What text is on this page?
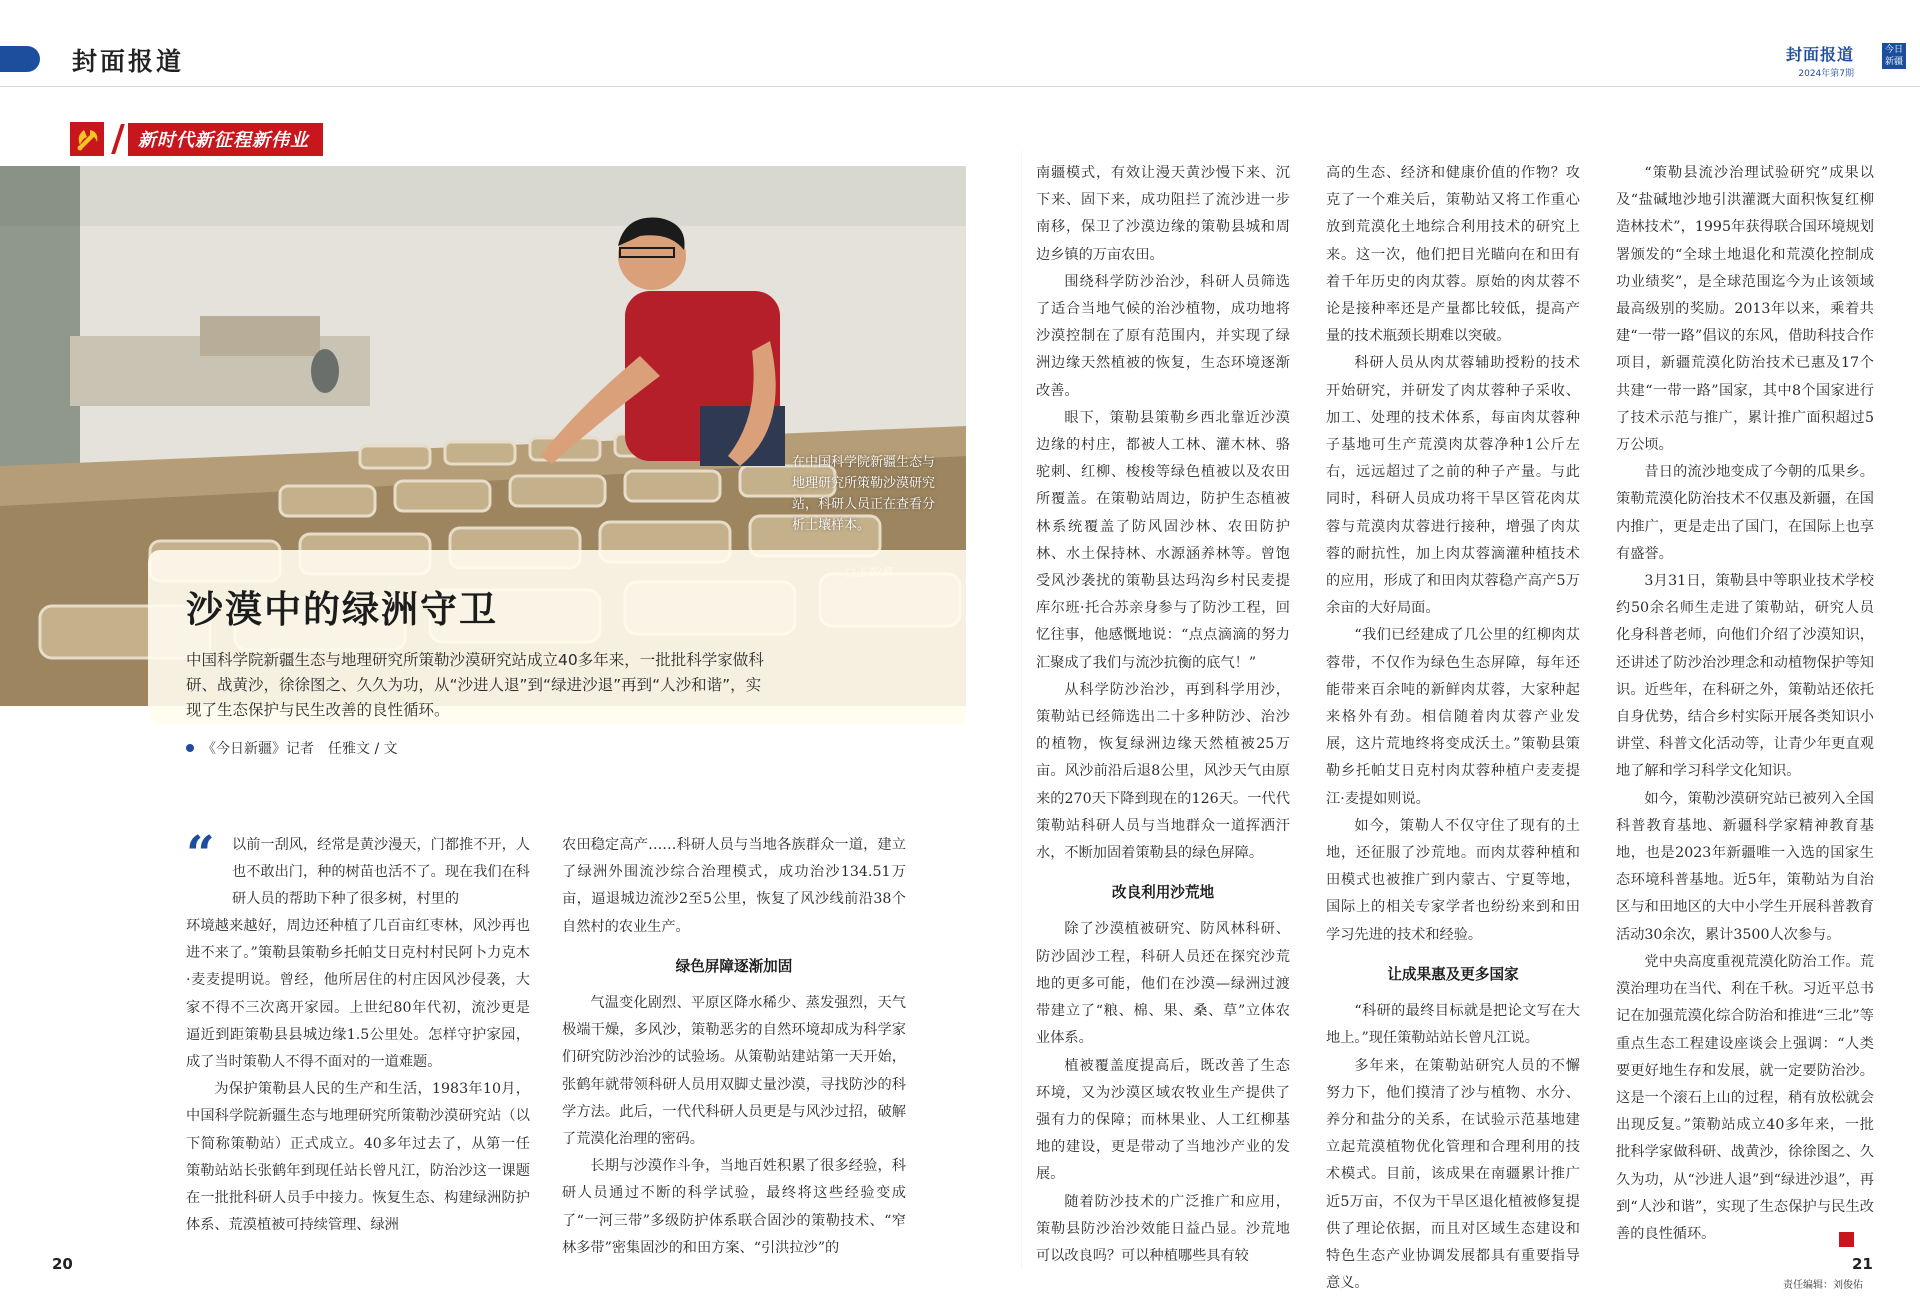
封面报道	封面报道
2024年第7期
今日新疆
新时代新征程新伟业
在中国科学院新疆生态与地理研究所策勒沙漠研究站，科研人员正在查看分析土壤样本。
沙漠中的绿洲守卫
中国科学院新疆生态与地理研究所策勒沙漠研究站成立40多年来，一批批科学家做科研、战黄沙，徐徐图之、久久为功，从“沙进人退”到“绿进沙退”再到“人沙和谐”，实现了生态保护与民生改善的良性循环。
《今日新疆》记者　任雅文 / 文
“ 以前一刮风，经常是黄沙漫天，门都推不开，人也不敢出门，种的树苗也活不了。现在我们在科研人员的帮助下种了很多树，村里的

环境越来越好，周边还种植了几百亩红枣林，风沙再也进不来了。”策勒县策勒乡托帕艾日克村村民阿卜力克木·麦麦提明说。曾经，他所居住的村庄因风沙侵袭，大家不得不三次离开家园。上世纪80年代初，流沙更是逼近到距策勒县县城边缘1.5公里处。怎样守护家园，成了当时策勒人不得不面对的一道难题。

为保护策勒县人民的生产和生活，1983年10月，中国科学院新疆生态与地理研究所策勒沙漠研究站（以下简称策勒站）正式成立。40多年过去了，从第一任策勒站站长张鹤年到现任站长曾凡江，防治沙这一课题在一批批科研人员手中接力。恢复生态、构建绿洲防护体系、荒漠植被可持续管理、绿洲

农田稳定高产……科研人员与当地各族群众一道，建立了绿洲外围流沙综合治理模式，成功治沙134.51万亩，逼退城边流沙2至5公里，恢复了风沙线前沿38个自然村的农业生产。

绿色屏障逐渐加固

气温变化剧烈、平原区降水稀少、蒸发强烈，天气极端干燥，多风沙，策勒恶劣的自然环境却成为科学家们研究防沙治沙的试验场。从策勒站建站第一天开始，张鹤年就带领科研人员用双脚丈量沙漠，寻找防沙的科学方法。此后，一代代科研人员更是与风沙过招，破解了荒漠化治理的密码。

长期与沙漠作斗争，当地百姓积累了很多经验，科研人员通过不断的科学试验，最终将这些经验变成了“一河三带”多级防护体系联合固沙的策勒技术、“窄林多带”密集固沙的和田方案、“引洪拉沙”的

南疆模式，有效让漫天黄沙慢下来、沉下来、固下来，成功阻拦了流沙进一步南移，保卫了沙漠边缘的策勒县城和周边乡镇的万亩农田。

围绕科学防沙治沙，科研人员筛选了适合当地气候的治沙植物，成功地将沙漠控制在了原有范围内，并实现了绿洲边缘天然植被的恢复，生态环境逐渐改善。

眼下，策勒县策勒乡西北靠近沙漠边缘的村庄，都被人工林、灌木林、骆驼刺、红柳、梭梭等绿色植被以及农田所覆盖。在策勒站周边，防护生态植被林系统覆盖了防风固沙林、农田防护林、水土保持林、水源涵养林等。曾饱受风沙袭扰的策勒县达玛沟乡村民麦提库尔班·托合苏亲身参与了防沙工程，回忆往事，他感慨地说：“点点滴滴的努力汇聚成了我们与流沙抗衡的底气！”

从科学防沙治沙，再到科学用沙，策勒站已经筛选出二十多种防沙、治沙的植物，恢复绿洲边缘天然植被25万亩。风沙前沿后退8公里，风沙天气由原来的270天下降到现在的126天。一代代策勒站科研人员与当地群众一道挥洒汗水，不断加固着策勒县的绿色屏障。

改良利用沙荒地

除了沙漠植被研究、防风林科研、防沙固沙工程，科研人员还在探究沙荒地的更多可能，他们在沙漠—绿洲过渡带建立了“粮、棉、果、桑、草”立体农业体系。

植被覆盖度提高后，既改善了生态环境，又为沙漠区域农牧业生产提供了强有力的保障；而林果业、人工红柳基地的建设，更是带动了当地沙产业的发展。

随着防沙技术的广泛推广和应用，策勒县防沙治沙效能日益凸显。沙荒地可以改良吗？可以种植哪些具有较

高的生态、经济和健康价值的作物？攻克了一个难关后，策勒站又将工作重心放到荒漠化土地综合利用技术的研究上来。这一次，他们把目光瞄向在和田有着千年历史的肉苁蓉。原始的肉苁蓉不论是接种率还是产量都比较低，提高产量的技术瓶颈长期难以突破。

科研人员从肉苁蓉辅助授粉的技术开始研究，并研发了肉苁蓉种子采收、加工、处理的技术体系，每亩肉苁蓉种子基地可生产荒漠肉苁蓉净种1公斤左右，远远超过了之前的种子产量。与此同时，科研人员成功将干旱区管花肉苁蓉与荒漠肉苁蓉进行接种，增强了肉苁蓉的耐抗性，加上肉苁蓉滴灌种植技术的应用，形成了和田肉苁蓉稳产高产5万余亩的大好局面。

“我们已经建成了几公里的红柳肉苁蓉带，不仅作为绿色生态屏障，每年还能带来百余吨的新鲜肉苁蓉，大家种起来格外有劲。相信随着肉苁蓉产业发展，这片荒地终将变成沃土。”策勒县策勒乡托帕艾日克村肉苁蓉种植户麦麦提江·麦提如则说。

如今，策勒人不仅守住了现有的土地，还征服了沙荒地。而肉苁蓉种植和田模式也被推广到内蒙古、宁夏等地，国际上的相关专家学者也纷纷来到和田学习先进的技术和经验。

让成果惠及更多国家

“科研的最终目标就是把论文写在大地上。”现任策勒站站长曾凡江说。

多年来，在策勒站研究人员的不懈努力下，他们摸清了沙与植物、水分、养分和盐分的关系，在试验示范基地建立起荒漠植物优化管理和合理利用的技术模式。目前，该成果在南疆累计推广近5万亩，不仅为干旱区退化植被修复提供了理论依据，而且对区域生态建设和特色生态产业协调发展都具有重要指导意义。

“策勒县流沙治理试验研究”成果以及“盐碱地沙地引洪灌溉大面积恢复红柳造林技术”，1995年获得联合国环境规划署颁发的“全球土地退化和荒漠化控制成功业绩奖”，是全球范围迄今为止该领域最高级别的奖励。2013年以来，乘着共建“一带一路”倡议的东风，借助科技合作项目，新疆荒漠化防治技术已惠及17个共建“一带一路”国家，其中8个国家进行了技术示范与推广，累计推广面积超过5万公顷。

昔日的流沙地变成了今朝的瓜果乡。策勒荒漠化防治技术不仅惠及新疆，在国内推广，更是走出了国门，在国际上也享有盛誉。

3月31日，策勒县中等职业技术学校约50余名师生走进了策勒站，研究人员化身科普老师，向他们介绍了沙漠知识，还讲述了防沙治沙理念和动植物保护等知识。近些年，在科研之外，策勒站还依托自身优势，结合乡村实际开展各类知识小讲堂、科普文化活动等，让青少年更直观地了解和学习科学文化知识。

如今，策勒沙漠研究站已被列入全国科普教育基地、新疆科学家精神教育基地，也是2023年新疆唯一入选的国家生态环境科普基地。近5年，策勒站为自治区与和田地区的大中小学生开展科普教育活动30余次，累计3500人次参与。

党中央高度重视荒漠化防治工作。荒漠治理功在当代、利在千秋。习近平总书记在加强荒漠化综合防治和推进“三北”等重点生态工程建设座谈会上强调：“人类要更好地生存和发展，就一定要防治沙。这是一个滚石上山的过程，稍有放松就会出现反复。”策勒站成立40多年来，一批批科学家做科研、战黄沙，徐徐图之、久久为功，从“沙进人退”到“绿进沙退”，再到“人沙和谐”，实现了生态保护与民生改善的良性循环。

20	21
责任编辑：刘俊佑
